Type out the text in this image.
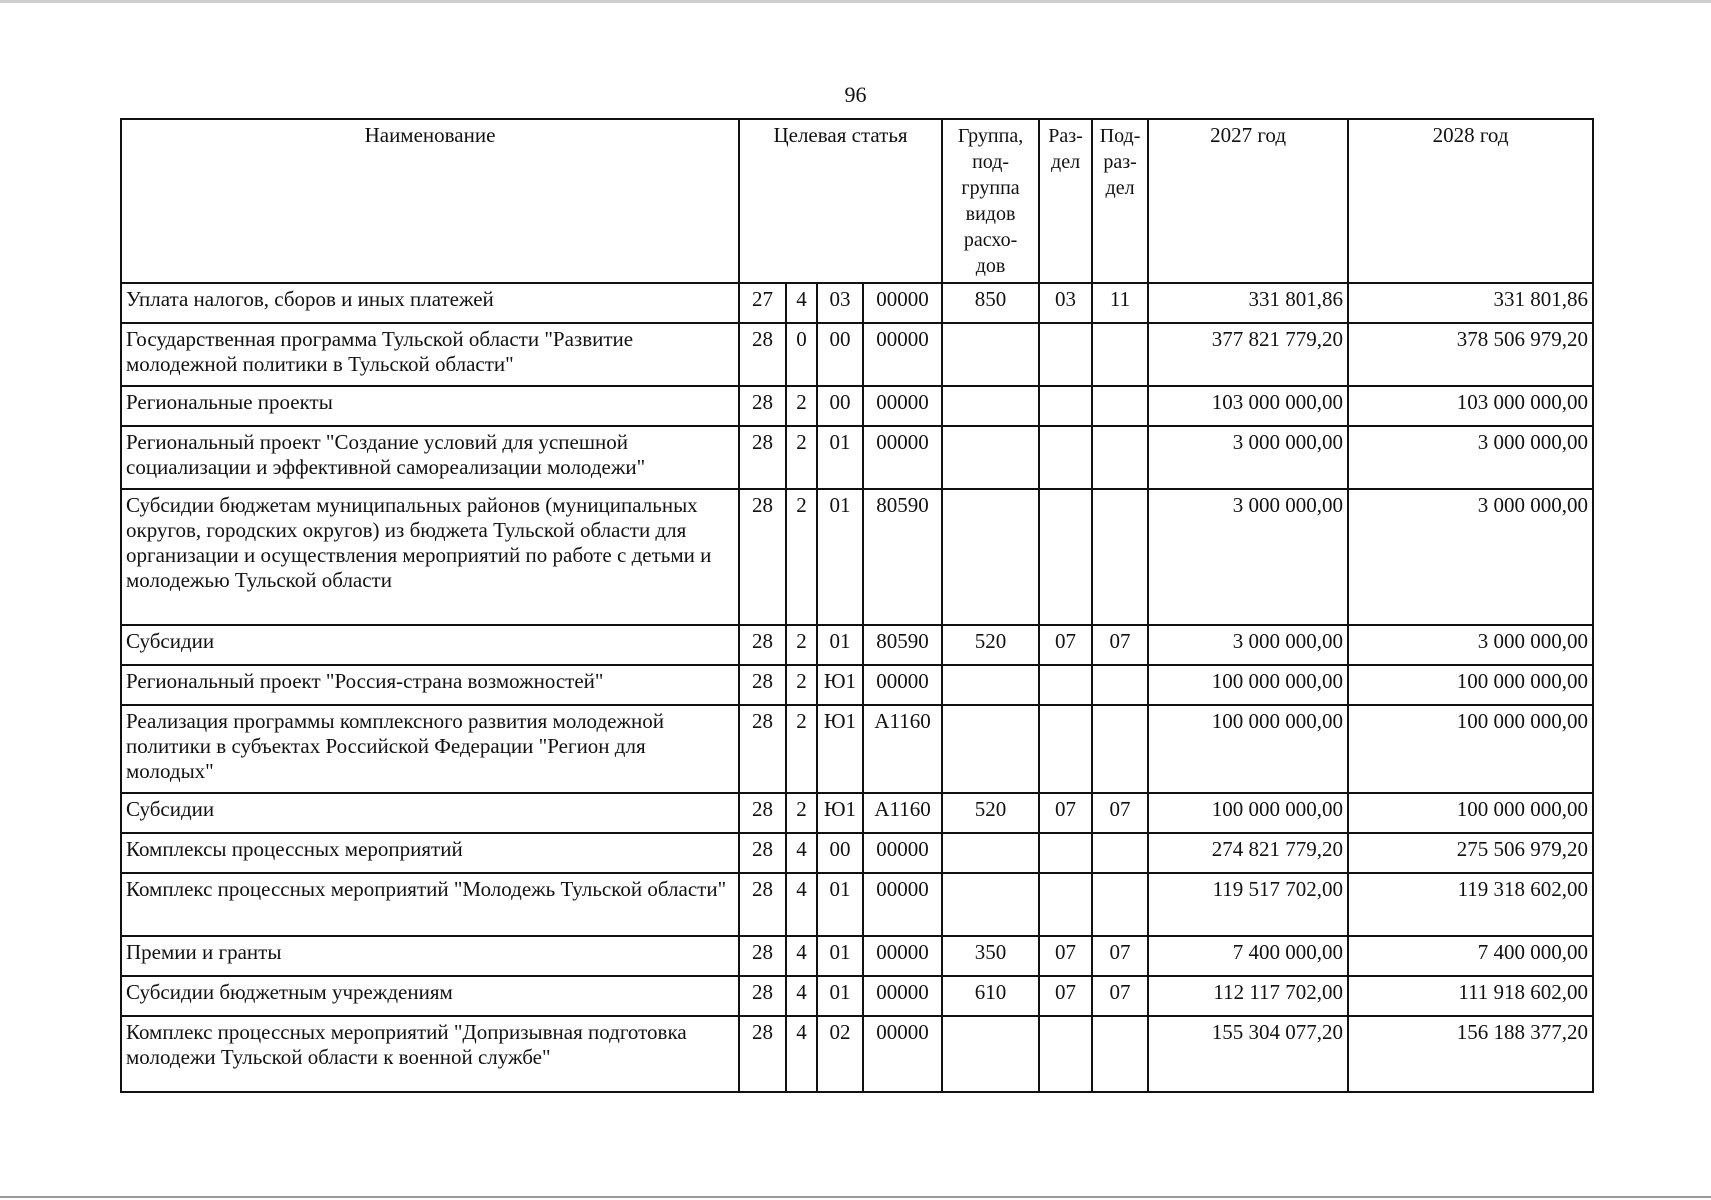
96
Наименование	Целевая статья				Группа, под- группа видов расхо- дов	Раз- дел	Под- раз- дел	2027 год	2028 год
Уплата налогов, сборов и иных платежей	27	4	03	00000	850	03	11	331 801,86	331 801,86
Государственная программа Тульской области "Развитие молодежной политики в Тульской области"	28	0	00	00000				377 821 779,20	378 506 979,20
Региональные проекты	28	2	00	00000				103 000 000,00	103 000 000,00
Региональный проект "Создание условий для успешной социализации и эффективной самореализации молодежи"	28	2	01	00000				3 000 000,00	3 000 000,00
Субсидии бюджетам муниципальных районов (муниципальных округов, городских округов) из бюджета Тульской области для организации и осуществления мероприятий по работе с детьми и молодежью Тульской области	28	2	01	80590				3 000 000,00	3 000 000,00
Субсидии	28	2	01	80590	520	07	07	3 000 000,00	3 000 000,00
Региональный проект "Россия-страна возможностей"	28	2	Ю1	00000				100 000 000,00	100 000 000,00
Реализация программы комплексного развития молодежной политики в субъектах Российской Федерации "Регион для молодых"	28	2	Ю1	А1160				100 000 000,00	100 000 000,00
Субсидии	28	2	Ю1	А1160	520	07	07	100 000 000,00	100 000 000,00
Комплексы процессных мероприятий	28	4	00	00000				274 821 779,20	275 506 979,20
Комплекс процессных мероприятий "Молодежь Тульской области"	28	4	01	00000				119 517 702,00	119 318 602,00
Премии и гранты	28	4	01	00000	350	07	07	7 400 000,00	7 400 000,00
Субсидии бюджетным учреждениям	28	4	01	00000	610	07	07	112 117 702,00	111 918 602,00
Комплекс процессных мероприятий "Допризывная подготовка молодежи Тульской области к военной службе"	28	4	02	00000				155 304 077,20	156 188 377,20
